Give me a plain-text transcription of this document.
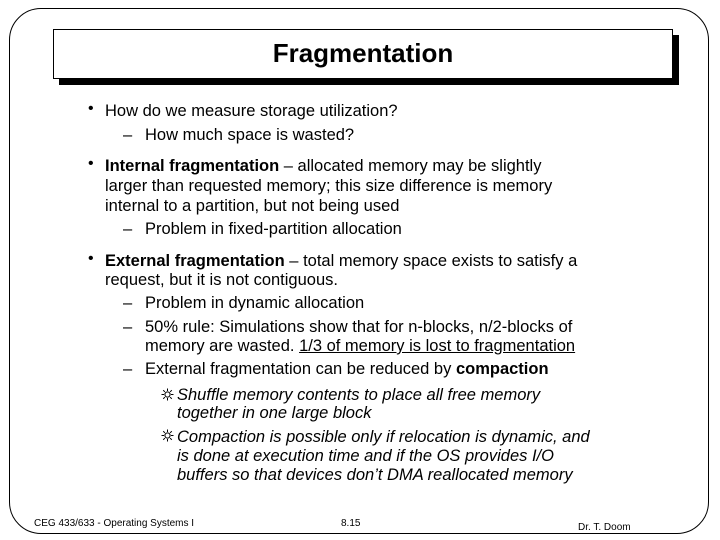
Fragmentation
• How do we measure storage utilization?
– How much space is wasted?
• Internal fragmentation – allocated memory may be slightly
larger than requested memory; this size difference is memory
internal to a partition, but not being used
– Problem in fixed-partition allocation
• External fragmentation – total memory space exists to satisfy a
request, but it is not contiguous.
– Problem in dynamic allocation
– 50% rule: Simulations show that for n-blocks, n/2-blocks of
memory are wasted. 1/3 of memory is lost to fragmentation
– External fragmentation can be reduced by compaction
Shuffle memory contents to place all free memory
together in one large block
Compaction is possible only if relocation is dynamic, and
is done at execution time and if the OS provides I/O
buffers so that devices don’t DMA reallocated memory
CEG 433/633 - Operating Systems I	8.15	Dr. T. Doom
